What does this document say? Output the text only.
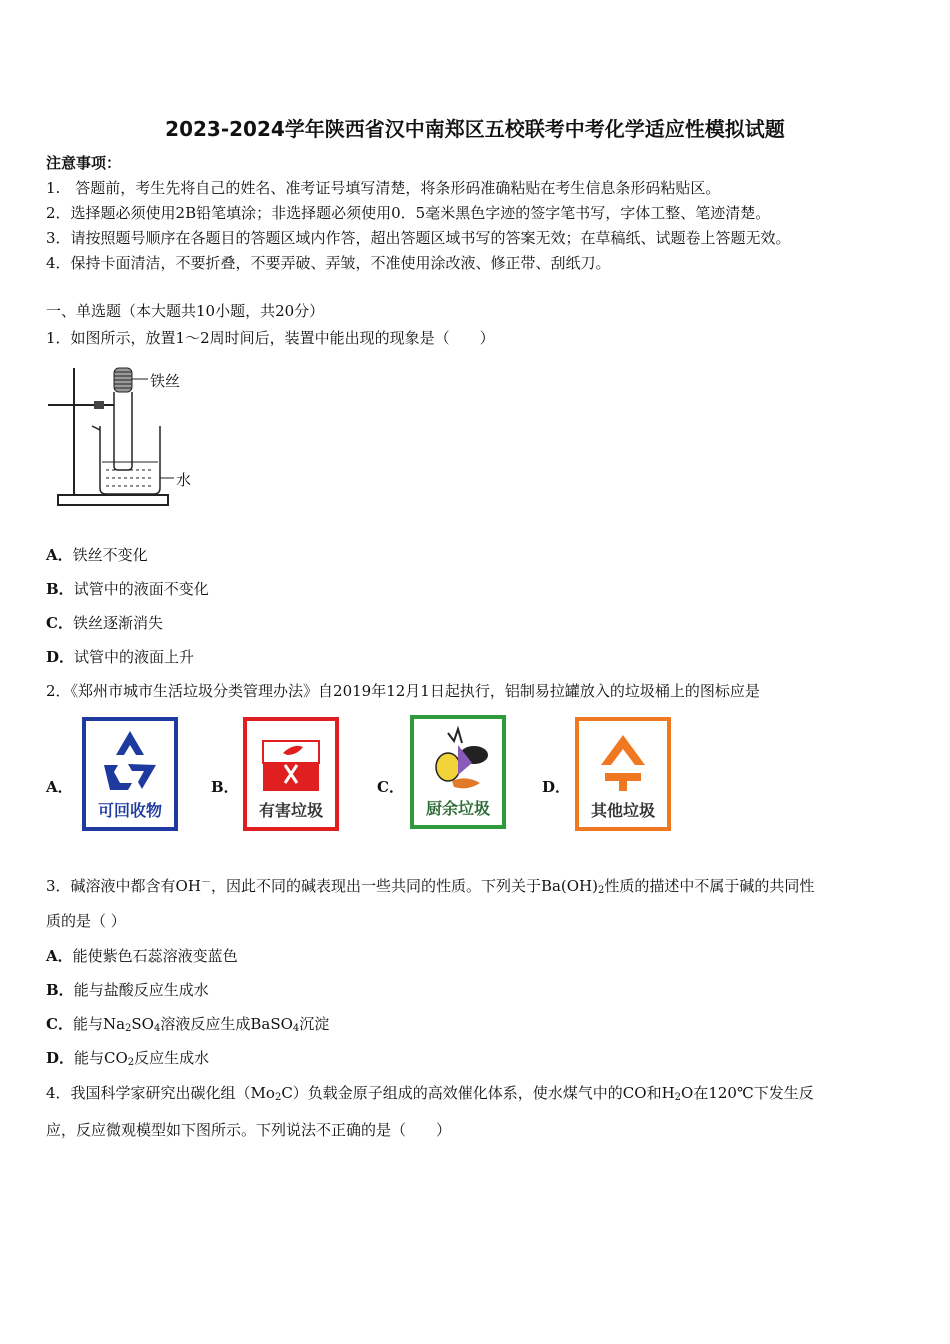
2023-2024学年陕西省汉中南郑区五校联考中考化学适应性模拟试题
注意事项：
1.　答题前，考生先将自己的姓名、准考证号填写清楚，将条形码准确粘贴在考生信息条形码粘贴区。
2．选择题必须使用2B铅笔填涂；非选择题必须使用0．5毫米黑色字迹的签字笔书写，字体工整、笔迹清楚。
3．请按照题号顺序在各题目的答题区域内作答，超出答题区域书写的答案无效；在草稿纸、试题卷上答题无效。
4．保持卡面清洁，不要折叠，不要弄破、弄皱，不准使用涂改液、修正带、刮纸刀。
一、单选题（本大题共10小题，共20分）
1．如图所示，放置1～2周时间后，装置中能出现的现象是（　　）
铁丝
水
A．铁丝不变化
B．试管中的液面不变化
C．铁丝逐渐消失
D．试管中的液面上升
2．《郑州市城市生活垃圾分类管理办法》自2019年12月1日起执行，铝制易拉罐放入的垃圾桶上的图标应是
A．
可回收物
B．
有害垃圾
C．
厨余垃圾
D．
其他垃圾
3．碱溶液中都含有OH－，因此不同的碱表现出一些共同的性质。下列关于$Ba(OH)_2$性质的描述中不属于碱的共同性
质的是（ ）
A．能使紫色石蕊溶液变蓝色
B．能与盐酸反应生成水
C．能与$Na_2SO_4$溶液反应生成BaSO$_4$沉淀
D．能与$CO_2$反应生成水
4．我国科学家研究出碳化组$(Mo_2C)$负载金原子组成的高效催化体系，使水煤气中的CO和$H_2O$在120℃下发生反
应，反应微观模型如下图所示。下列说法不正确的是（　　）
